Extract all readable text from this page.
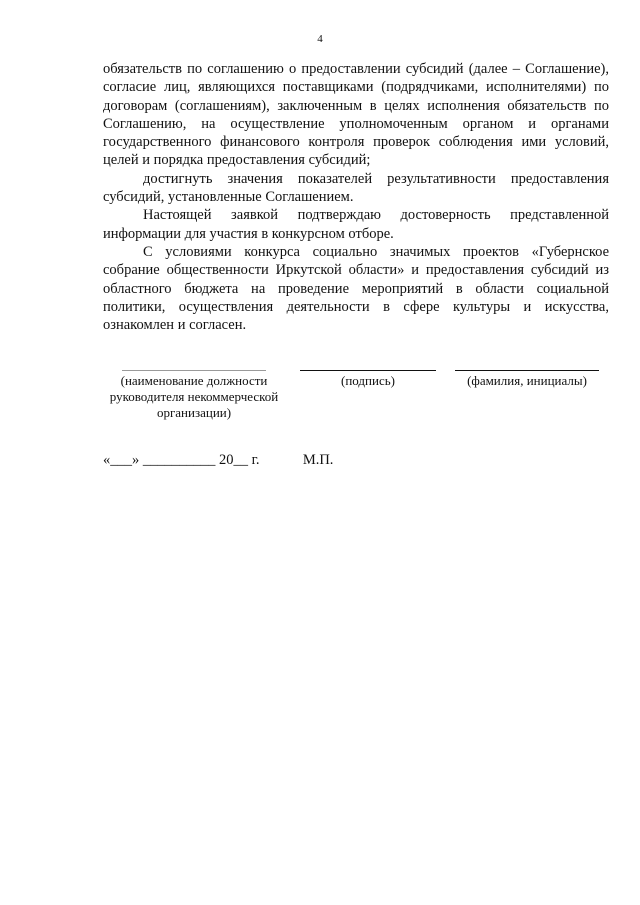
4

обязательств по соглашению о предоставлении субсидий (далее – Соглашение), согласие лиц, являющихся поставщиками (подрядчиками, исполнителями) по договорам (соглашениям), заключенным в целях исполнения обязательств по Соглашению, на осуществление уполномоченным органом и органами государственного финансового контроля проверок соблюдения ими условий, целей и порядка предоставления субсидий;

достигнуть значения показателей результативности предоставления субсидий, установленные Соглашением.

Настоящей заявкой подтверждаю достоверность представленной информации для участия в конкурсном отборе.

С условиями конкурса социально значимых проектов «Губернское собрание общественности Иркутской области» и предоставления субсидий из областного бюджета на проведение мероприятий в области социальной политики, осуществления деятельности в сфере культуры и искусства, ознакомлен и согласен.

(наименование должности руководителя некоммерческой организации)
(подпись)	(фамилия, инициалы)
«___» __________ 20__ г.	М.П.
